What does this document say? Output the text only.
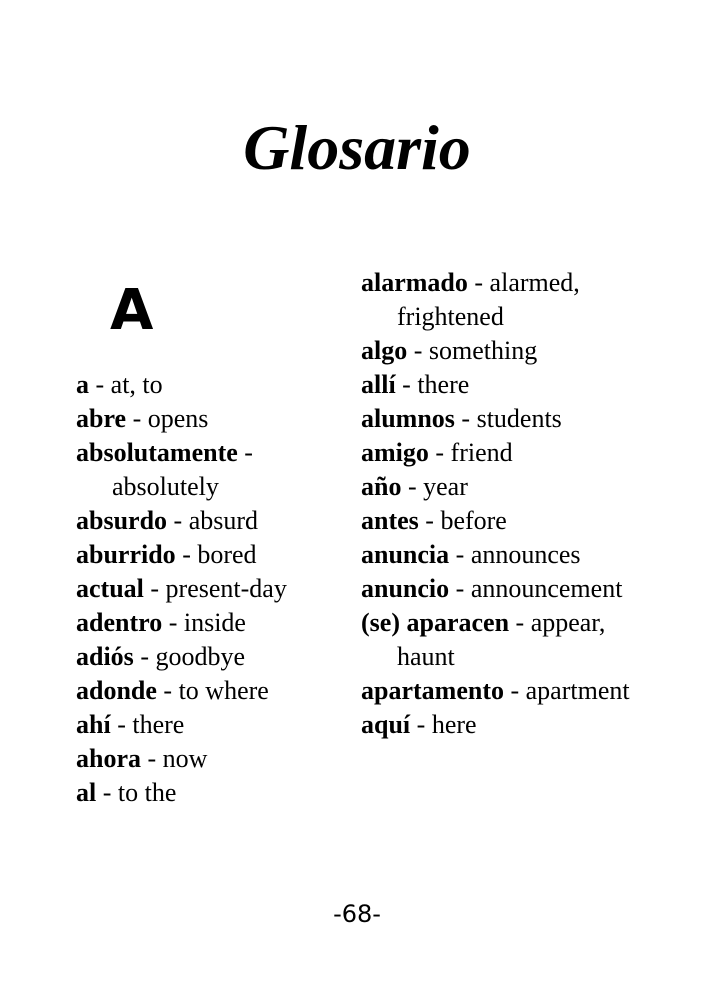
Glosario
A
a - at, to
abre - opens
absolutamente - absolutely
absurdo - absurd
aburrido - bored
actual - present-day
adentro - inside
adiós - goodbye
adonde - to where
ahí - there
ahora - now
al - to the
alarmado - alarmed, frightened
algo - something
allí - there
alumnos - students
amigo - friend
año - year
antes - before
anuncia - announces
anuncio - announcement
(se) aparacen - appear, haunt
apartamento - apartment
aquí - here
-68-
